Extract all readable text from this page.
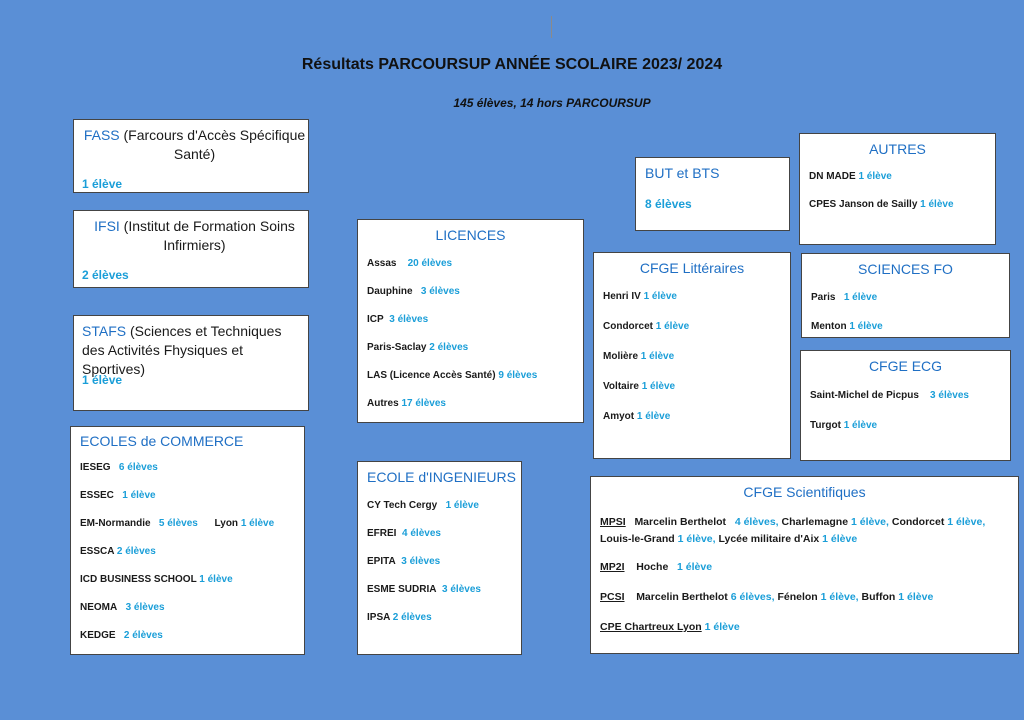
Résultats PARCOURSUP ANNÉE SCOLAIRE 2023/ 2024
145 élèves, 14 hors PARCOURSUP
FASS (Farcours d'Accès Spécifique Santé)
1 élève
IFSI (Institut de Formation Soins Infirmiers)
2 élèves
STAFS (Sciences et Techniques des Activités Fhysiques et Sportives)
1 élève
ECOLES de COMMERCE
IESEG 6 élèves
ESSEC 1 élève
EM-Normandie 5 élèves Lyon 1 élève
ESSCA 2 élèves
ICD BUSINESS SCHOOL 1 élève
NEOMA 3 élèves
KEDGE 2 élèves
LICENCES
Assas 20 élèves
Dauphine 3 élèves
ICP 3 élèves
Paris-Saclay 2 élèves
LAS (Licence Accès Santé) 9 élèves
Autres 17 élèves
ECOLE d'INGENIEURS
CY Tech Cergy 1 élève
EFREI 4 élèves
EPITA 3 élèves
ESME SUDRIA 3 élèves
IPSA 2 élèves
BUT et BTS
8 élèves
AUTRES
DN MADE 1 élève
CPES Janson de Sailly 1 élève
CFGE Littéraires
Henri IV 1 élève
Condorcet 1 élève
Molière 1 élève
Voltaire 1 élève
Amyot 1 élève
SCIENCES FO
Paris 1 élève
Menton 1 élève
CFGE ECG
Saint-Michel de Picpus 3 élèves
Turgot 1 élève
CFGE Scientifiques
MPSI Marcelin Berthelot 4 élèves, Charlemagne 1 élève, Condorcet 1 élève, Louis-le-Grand 1 élève, Lycée militaire d'Aix 1 élève
MP2I Hoche 1 élève
PCSI Marcelin Berthelot 6 élèves, Fénelon 1 élève, Buffon 1 élève
CPE Chartreux Lyon 1 élève
